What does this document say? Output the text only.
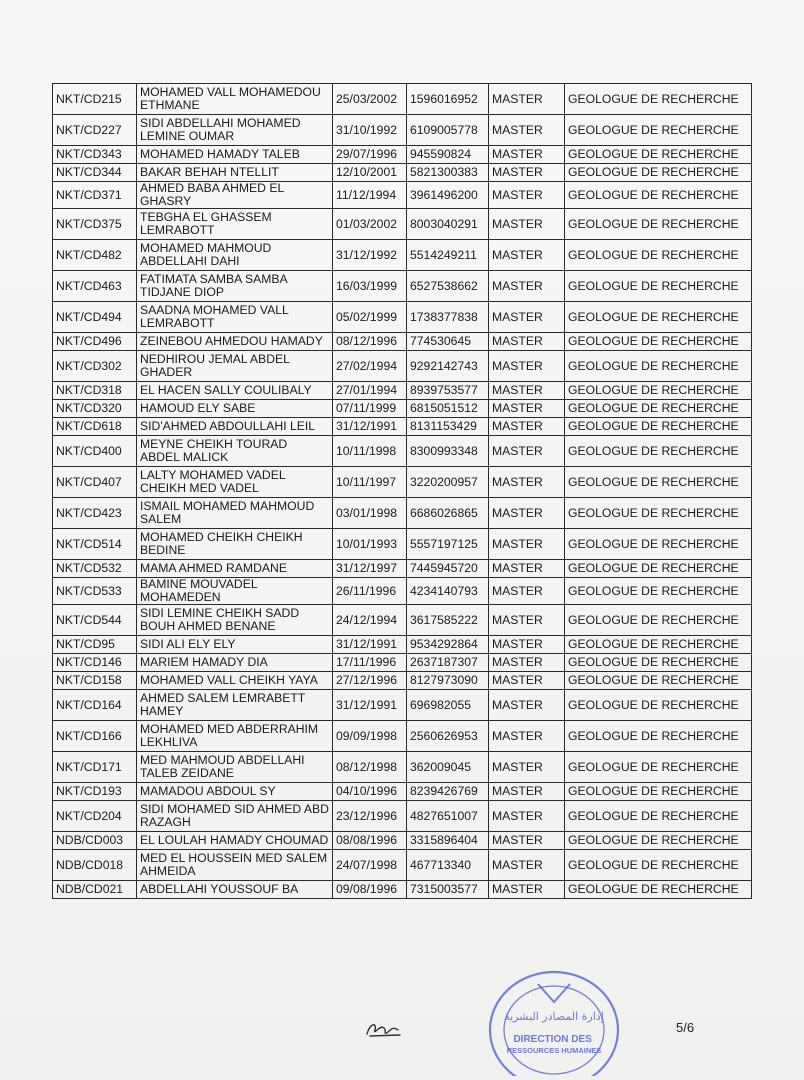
NKT/CD215	MOHAMED VALL MOHAMEDOU ETHMANE	25/03/2002	1596016952	MASTER	GEOLOGUE DE RECHERCHE
NKT/CD227	SIDI ABDELLAHI MOHAMED LEMINE OUMAR	31/10/1992	6109005778	MASTER	GEOLOGUE DE RECHERCHE
NKT/CD343	MOHAMED HAMADY TALEB	29/07/1996	945590824	MASTER	GEOLOGUE DE RECHERCHE
NKT/CD344	BAKAR BEHAH NTELLIT	12/10/2001	5821300383	MASTER	GEOLOGUE DE RECHERCHE
NKT/CD371	AHMED BABA AHMED EL GHASRY	11/12/1994	3961496200	MASTER	GEOLOGUE DE RECHERCHE
NKT/CD375	TEBGHA EL GHASSEM LEMRABOTT	01/03/2002	8003040291	MASTER	GEOLOGUE DE RECHERCHE
NKT/CD482	MOHAMED MAHMOUD ABDELLAHI DAHI	31/12/1992	5514249211	MASTER	GEOLOGUE DE RECHERCHE
NKT/CD463	FATIMATA SAMBA SAMBA TIDJANE DIOP	16/03/1999	6527538662	MASTER	GEOLOGUE DE RECHERCHE
NKT/CD494	SAADNA MOHAMED VALL LEMRABOTT	05/02/1999	1738377838	MASTER	GEOLOGUE DE RECHERCHE
NKT/CD496	ZEINEBOU AHMEDOU HAMADY	08/12/1996	774530645	MASTER	GEOLOGUE DE RECHERCHE
NKT/CD302	NEDHIROU JEMAL ABDEL GHADER	27/02/1994	9292142743	MASTER	GEOLOGUE DE RECHERCHE
NKT/CD318	EL HACEN SALLY COULIBALY	27/01/1994	8939753577	MASTER	GEOLOGUE DE RECHERCHE
NKT/CD320	HAMOUD ELY SABE	07/11/1999	6815051512	MASTER	GEOLOGUE DE RECHERCHE
NKT/CD618	SID'AHMED ABDOULLAHI LEIL	31/12/1991	8131153429	MASTER	GEOLOGUE DE RECHERCHE
NKT/CD400	MEYNE CHEIKH TOURAD ABDEL MALICK	10/11/1998	8300993348	MASTER	GEOLOGUE DE RECHERCHE
NKT/CD407	LALTY MOHAMED VADEL CHEIKH MED VADEL	10/11/1997	3220200957	MASTER	GEOLOGUE DE RECHERCHE
NKT/CD423	ISMAIL MOHAMED MAHMOUD SALEM	03/01/1998	6686026865	MASTER	GEOLOGUE DE RECHERCHE
NKT/CD514	MOHAMED CHEIKH CHEIKH BEDINE	10/01/1993	5557197125	MASTER	GEOLOGUE DE RECHERCHE
NKT/CD532	MAMA AHMED RAMDANE	31/12/1997	7445945720	MASTER	GEOLOGUE DE RECHERCHE
NKT/CD533	BAMINE MOUVADEL MOHAMEDEN	26/11/1996	4234140793	MASTER	GEOLOGUE DE RECHERCHE
NKT/CD544	SIDI LEMINE CHEIKH SADD BOUH AHMED BENANE	24/12/1994	3617585222	MASTER	GEOLOGUE DE RECHERCHE
NKT/CD95	SIDI ALI ELY ELY	31/12/1991	9534292864	MASTER	GEOLOGUE DE RECHERCHE
NKT/CD146	MARIEM HAMADY DIA	17/11/1996	2637187307	MASTER	GEOLOGUE DE RECHERCHE
NKT/CD158	MOHAMED VALL CHEIKH YAYA	27/12/1996	8127973090	MASTER	GEOLOGUE DE RECHERCHE
NKT/CD164	AHMED SALEM LEMRABETT HAMEY	31/12/1991	696982055	MASTER	GEOLOGUE DE RECHERCHE
NKT/CD166	MOHAMED MED ABDERRAHIM LEKHLIVA	09/09/1998	2560626953	MASTER	GEOLOGUE DE RECHERCHE
NKT/CD171	MED MAHMOUD ABDELLAHI TALEB ZEIDANE	08/12/1998	362009045	MASTER	GEOLOGUE DE RECHERCHE
NKT/CD193	MAMADOU ABDOUL SY	04/10/1996	8239426769	MASTER	GEOLOGUE DE RECHERCHE
NKT/CD204	SIDI MOHAMED SID AHMED ABD RAZAGH	23/12/1996	4827651007	MASTER	GEOLOGUE DE RECHERCHE
NDB/CD003	EL LOULAH HAMADY CHOUMAD	08/08/1996	3315896404	MASTER	GEOLOGUE DE RECHERCHE
NDB/CD018	MED EL HOUSSEIN MED SALEM AHMEIDA	24/07/1998	467713340	MASTER	GEOLOGUE DE RECHERCHE
NDB/CD021	ABDELLAHI YOUSSOUF BA	09/08/1996	7315003577	MASTER	GEOLOGUE DE RECHERCHE
إدارة المصادر البشرية
DIRECTION DES RESSOURCES HUMAINES
5/6
